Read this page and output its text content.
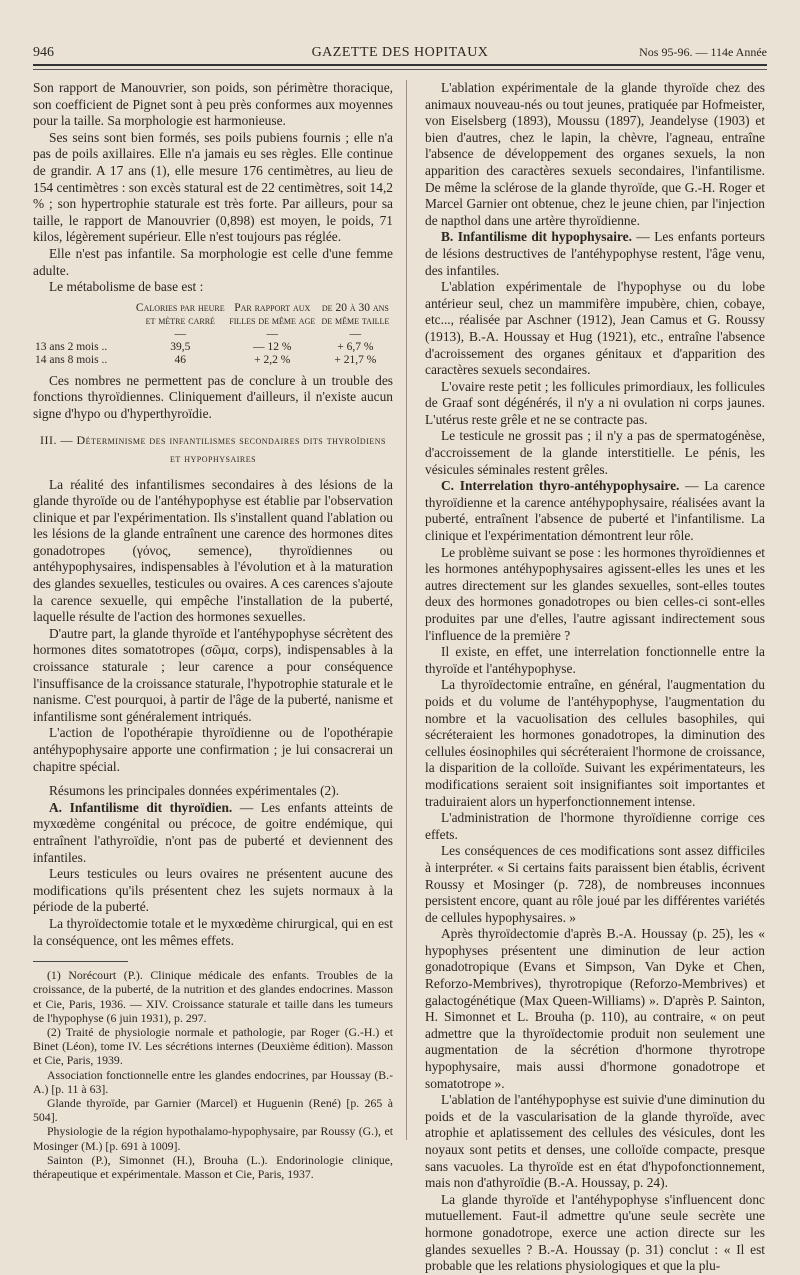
946	GAZETTE DES HOPITAUX	Nos 95-96. — 114e Année

Son rapport de Manouvrier, son poids, son périmètre thoracique, son coefficient de Pignet sont à peu près conformes aux moyennes pour la taille. Sa morphologie est harmonieuse.

Ses seins sont bien formés, ses poils pubiens fournis ; elle n'a pas de poils axillaires. Elle n'a jamais eu ses règles. Elle continue de grandir. A 17 ans (1), elle mesure 176 centimètres, au lieu de 154 centimètres : son excès statural est de 22 centimètres, soit 14,2 % ; son hypertrophie staturale est très forte. Par ailleurs, pour sa taille, le rapport de Manouvrier (0,898) est moyen, le poids, 71 kilos, légèrement supérieur. Elle n'est toujours pas réglée.

Elle n'est pas infantile. Sa morphologie est celle d'une femme adulte.

Le métabolisme de base est :

	Calories par heure et mètre carré	Par rapport aux filles de même age	de 20 à 30 ans de même taille
	—	—	—
13 ans 2 mois ..	39,5	— 12 %	+ 6,7 %
14 ans 8 mois ..	46	+ 2,2 %	+ 21,7 %

Ces nombres ne permettent pas de conclure à un trouble des fonctions thyroïdiennes. Cliniquement d'ailleurs, il n'existe aucun signe d'hypo ou d'hyperthyroïdie.

III. — Déterminisme des infantilismes secondaires dits thyroïdiens et hypophysaires

La réalité des infantilismes secondaires à des lésions de la glande thyroïde ou de l'antéhypophyse est établie par l'observation clinique et par l'expérimentation. Ils s'installent quand l'ablation ou les lésions de la glande entraînent une carence des hormones dites gonadotropes (γόνος, semence), thyroïdiennes ou antéhypophysaires, indispensables à l'évolution et à la maturation des glandes sexuelles, testicules ou ovaires. A ces carences s'ajoute la carence sexuelle, qui empêche l'installation de la puberté, laquelle résulte de l'action des hormones sexuelles.

D'autre part, la glande thyroïde et l'antéhypophyse sécrètent des hormones dites somatotropes (σῶμα, corps), indispensables à la croissance staturale ; leur carence a pour conséquence l'insuffisance de la croissance staturale, l'hypotrophie staturale et le nanisme. C'est pourquoi, à partir de l'âge de la puberté, nanisme et infantilisme sont généralement intriqués.

L'action de l'opothérapie thyroïdienne ou de l'opothérapie antéhypophysaire apporte une confirmation ; je lui consacrerai un chapitre spécial.

Résumons les principales données expérimentales (2).

A. Infantilisme dit thyroïdien. — Les enfants atteints de myxœdème congénital ou précoce, de goitre endémique, qui entraînent l'athyroïdie, n'ont pas de puberté et deviennent des infantiles.

Leurs testicules ou leurs ovaires ne présentent aucune des modifications qu'ils présentent chez les sujets normaux à la période de la puberté.

La thyroïdectomie totale et le myxœdème chirurgical, qui en est la conséquence, ont les mêmes effets.

(1) Norécourt (P.). Clinique médicale des enfants. Troubles de la croissance, de la puberté, de la nutrition et des glandes endocrines. Masson et Cie, Paris, 1936. — XIV. Croissance staturale et taille dans les tumeurs de l'hypophyse (6 juin 1931), p. 297.

(2) Traité de physiologie normale et pathologie, par Roger (G.-H.) et Binet (Léon), tome IV. Les sécrétions internes (Deuxième édition). Masson et Cie, Paris, 1939.

Association fonctionnelle entre les glandes endocrines, par Houssay (B.-A.) [p. 11 à 63].

Glande thyroïde, par Garnier (Marcel) et Huguenin (René) [p. 265 à 504].

Physiologie de la région hypothalamo-hypophysaire, par Roussy (G.), et Mosinger (M.) [p. 691 à 1009].

Sainton (P.), Simonnet (H.), Brouha (L.). Endorinologie clinique, thérapeutique et expérimentale. Masson et Cie, Paris, 1937.

L'ablation expérimentale de la glande thyroïde chez des animaux nouveau-nés ou tout jeunes, pratiquée par Hofmeister, von Eiselsberg (1893), Moussu (1897), Jeandelyse (1903) et bien d'autres, chez le lapin, la chèvre, l'agneau, entraîne l'absence de développement des organes sexuels, la non apparition des caractères sexuels secondaires, l'infantilisme. De même la sclérose de la glande thyroïde, que G.-H. Roger et Marcel Garnier ont obtenue, chez le jeune chien, par l'injection de napthol dans une artère thyroïdienne.

B. Infantilisme dit hypophysaire. — Les enfants porteurs de lésions destructives de l'antéhypophyse restent, l'âge venu, des infantiles.

L'ablation expérimentale de l'hypophyse ou du lobe antérieur seul, chez un mammifère impubère, chien, cobaye, etc..., réalisée par Aschner (1912), Jean Camus et G. Roussy (1913), B.-A. Houssay et Hug (1921), etc., entraîne l'absence d'acroissement des organes génitaux et d'apparition des caractères sexuels secondaires.

L'ovaire reste petit ; les follicules primordiaux, les follicules de Graaf sont dégénérés, il n'y a ni ovulation ni corps jaunes. L'utérus reste grêle et ne se contracte pas.

Le testicule ne grossit pas ; il n'y a pas de spermatogénèse, d'accroissement de la glande interstitielle. Le pénis, les vésicules séminales restent grêles.

C. Interrelation thyro-antéhypophysaire. — La carence thyroïdienne et la carence antéhypophysaire, réalisées avant la puberté, entraînent l'absence de puberté et l'infantilisme. La clinique et l'expérimentation démontrent leur rôle.

Le problème suivant se pose : les hormones thyroïdiennes et les hormones antéhypophysaires agissent-elles les unes et les autres directement sur les glandes sexuelles, sont-elles toutes deux des hormones gonadotropes ou bien celles-ci sont-elles produites par une d'elles, l'autre agissant indirectement sous l'influence de la première ?

Il existe, en effet, une interrelation fonctionnelle entre la thyroïde et l'antéhypophyse.

La thyroïdectomie entraîne, en général, l'augmentation du poids et du volume de l'antéhypophyse, l'augmentation du nombre et la vacuolisation des cellules basophiles, qui sécréteraient les hormones gonadotropes, la diminution des cellules éosinophiles qui sécréteraient l'hormone de croissance, la disparition de la colloïde. Suivant les expérimentateurs, les modifications seraient soit insignifiantes soit importantes et traduiraient alors un hyperfonctionnement intense.

L'administration de l'hormone thyroïdienne corrige ces effets.

Les conséquences de ces modifications sont assez difficiles à interpréter. « Si certains faits paraissent bien établis, écrivent Roussy et Mosinger (p. 728), de nombreuses inconnues persistent encore, quant au rôle joué par les différentes variétés de cellules hypophysaires. »

Après thyroïdectomie d'après B.-A. Houssay (p. 25), les « hypophyses présentent une diminution de leur action gonadotropique (Evans et Simpson, Van Dyke et Chen, Reforzo-Membrives), thyrotropique (Reforzo-Membrives) et galactogénétique (Max Queen-Williams) ». D'après P. Sainton, H. Simonnet et L. Brouha (p. 110), au contraire, « on peut admettre que la thyroïdectomie produit non seulement une augmentation de la sécrétion d'hormone thyrotrope hypophysaire, mais aussi d'hormone gonadotrope et somatotrope ».

L'ablation de l'antéhypophyse est suivie d'une diminution du poids et de la vascularisation de la glande thyroïde, avec atrophie et aplatissement des cellules des vésicules, dont les noyaux sont petits et denses, une colloïde compacte, presque sans vacuoles. La thyroïde est en état d'hypofonctionnement, mais non d'athyroïdie (B.-A. Houssay, p. 24).

La glande thyroïde et l'antéhypophyse s'influencent donc mutuellement. Faut-il admettre qu'une seule secrète une hormone gonadotrope, exerce une action directe sur les glandes sexuelles ? B.-A. Houssay (p. 31) conclut : « Il est probable que les relations physiologiques et que la plu-
